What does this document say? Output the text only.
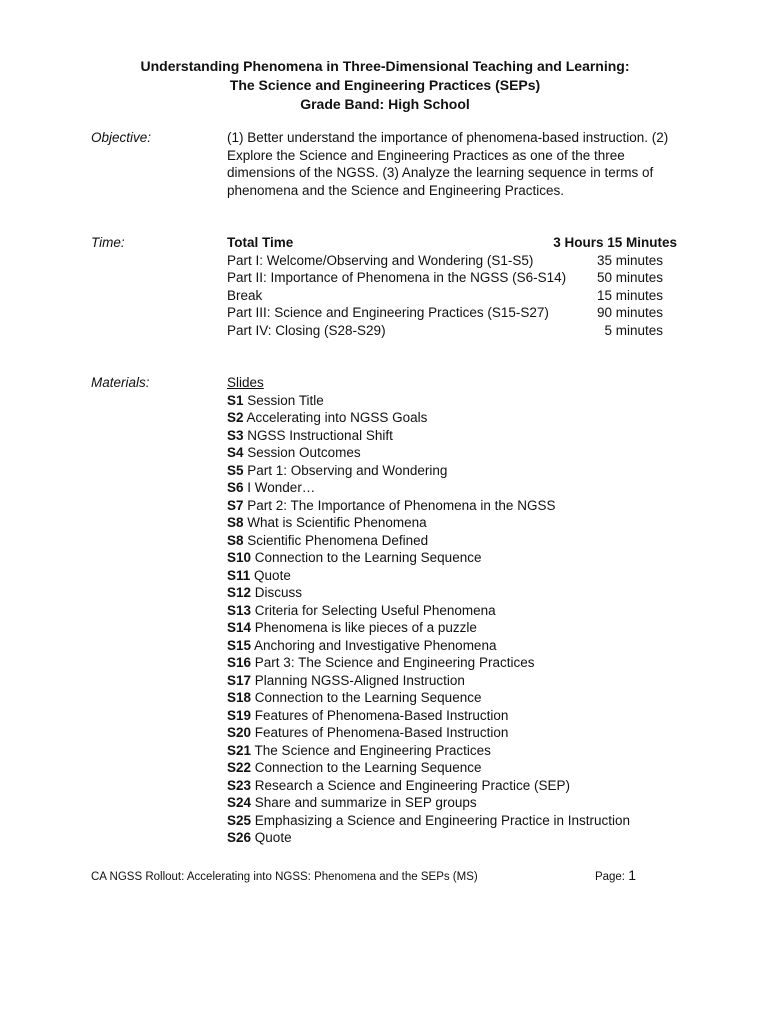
Understanding Phenomena in Three-Dimensional Teaching and Learning:
The Science and Engineering Practices (SEPs)
Grade Band: High School
Objective:	(1) Better understand the importance of phenomena-based instruction. (2) Explore the Science and Engineering Practices as one of the three dimensions of the NGSS. (3) Analyze the learning sequence in terms of phenomena and the Science and Engineering Practices.
Time:	Total Time	3 Hours 15 Minutes
Part I: Welcome/Observing and Wondering (S1-S5)	35 minutes
Part II: Importance of Phenomena in the NGSS (S6-S14)	50 minutes
Break	15 minutes
Part III: Science and Engineering Practices (S15-S27)	90 minutes
Part IV: Closing (S28-S29)	5 minutes
Materials:	Slides
S1 Session Title
S2 Accelerating into NGSS Goals
S3 NGSS Instructional Shift
S4 Session Outcomes
S5 Part 1: Observing and Wondering
S6 I Wonder…
S7 Part 2: The Importance of Phenomena in the NGSS
S8 What is Scientific Phenomena
S8 Scientific Phenomena Defined
S10 Connection to the Learning Sequence
S11 Quote
S12 Discuss
S13 Criteria for Selecting Useful Phenomena
S14 Phenomena is like pieces of a puzzle
S15 Anchoring and Investigative Phenomena
S16 Part 3: The Science and Engineering Practices
S17 Planning NGSS-Aligned Instruction
S18 Connection to the Learning Sequence
S19 Features of Phenomena-Based Instruction
S20 Features of Phenomena-Based Instruction
S21 The Science and Engineering Practices
S22 Connection to the Learning Sequence
S23 Research a Science and Engineering Practice (SEP)
S24 Share and summarize in SEP groups
S25 Emphasizing a Science and Engineering Practice in Instruction
S26 Quote
CA NGSS Rollout: Accelerating into NGSS: Phenomena and the SEPs (MS)	Page: 1
